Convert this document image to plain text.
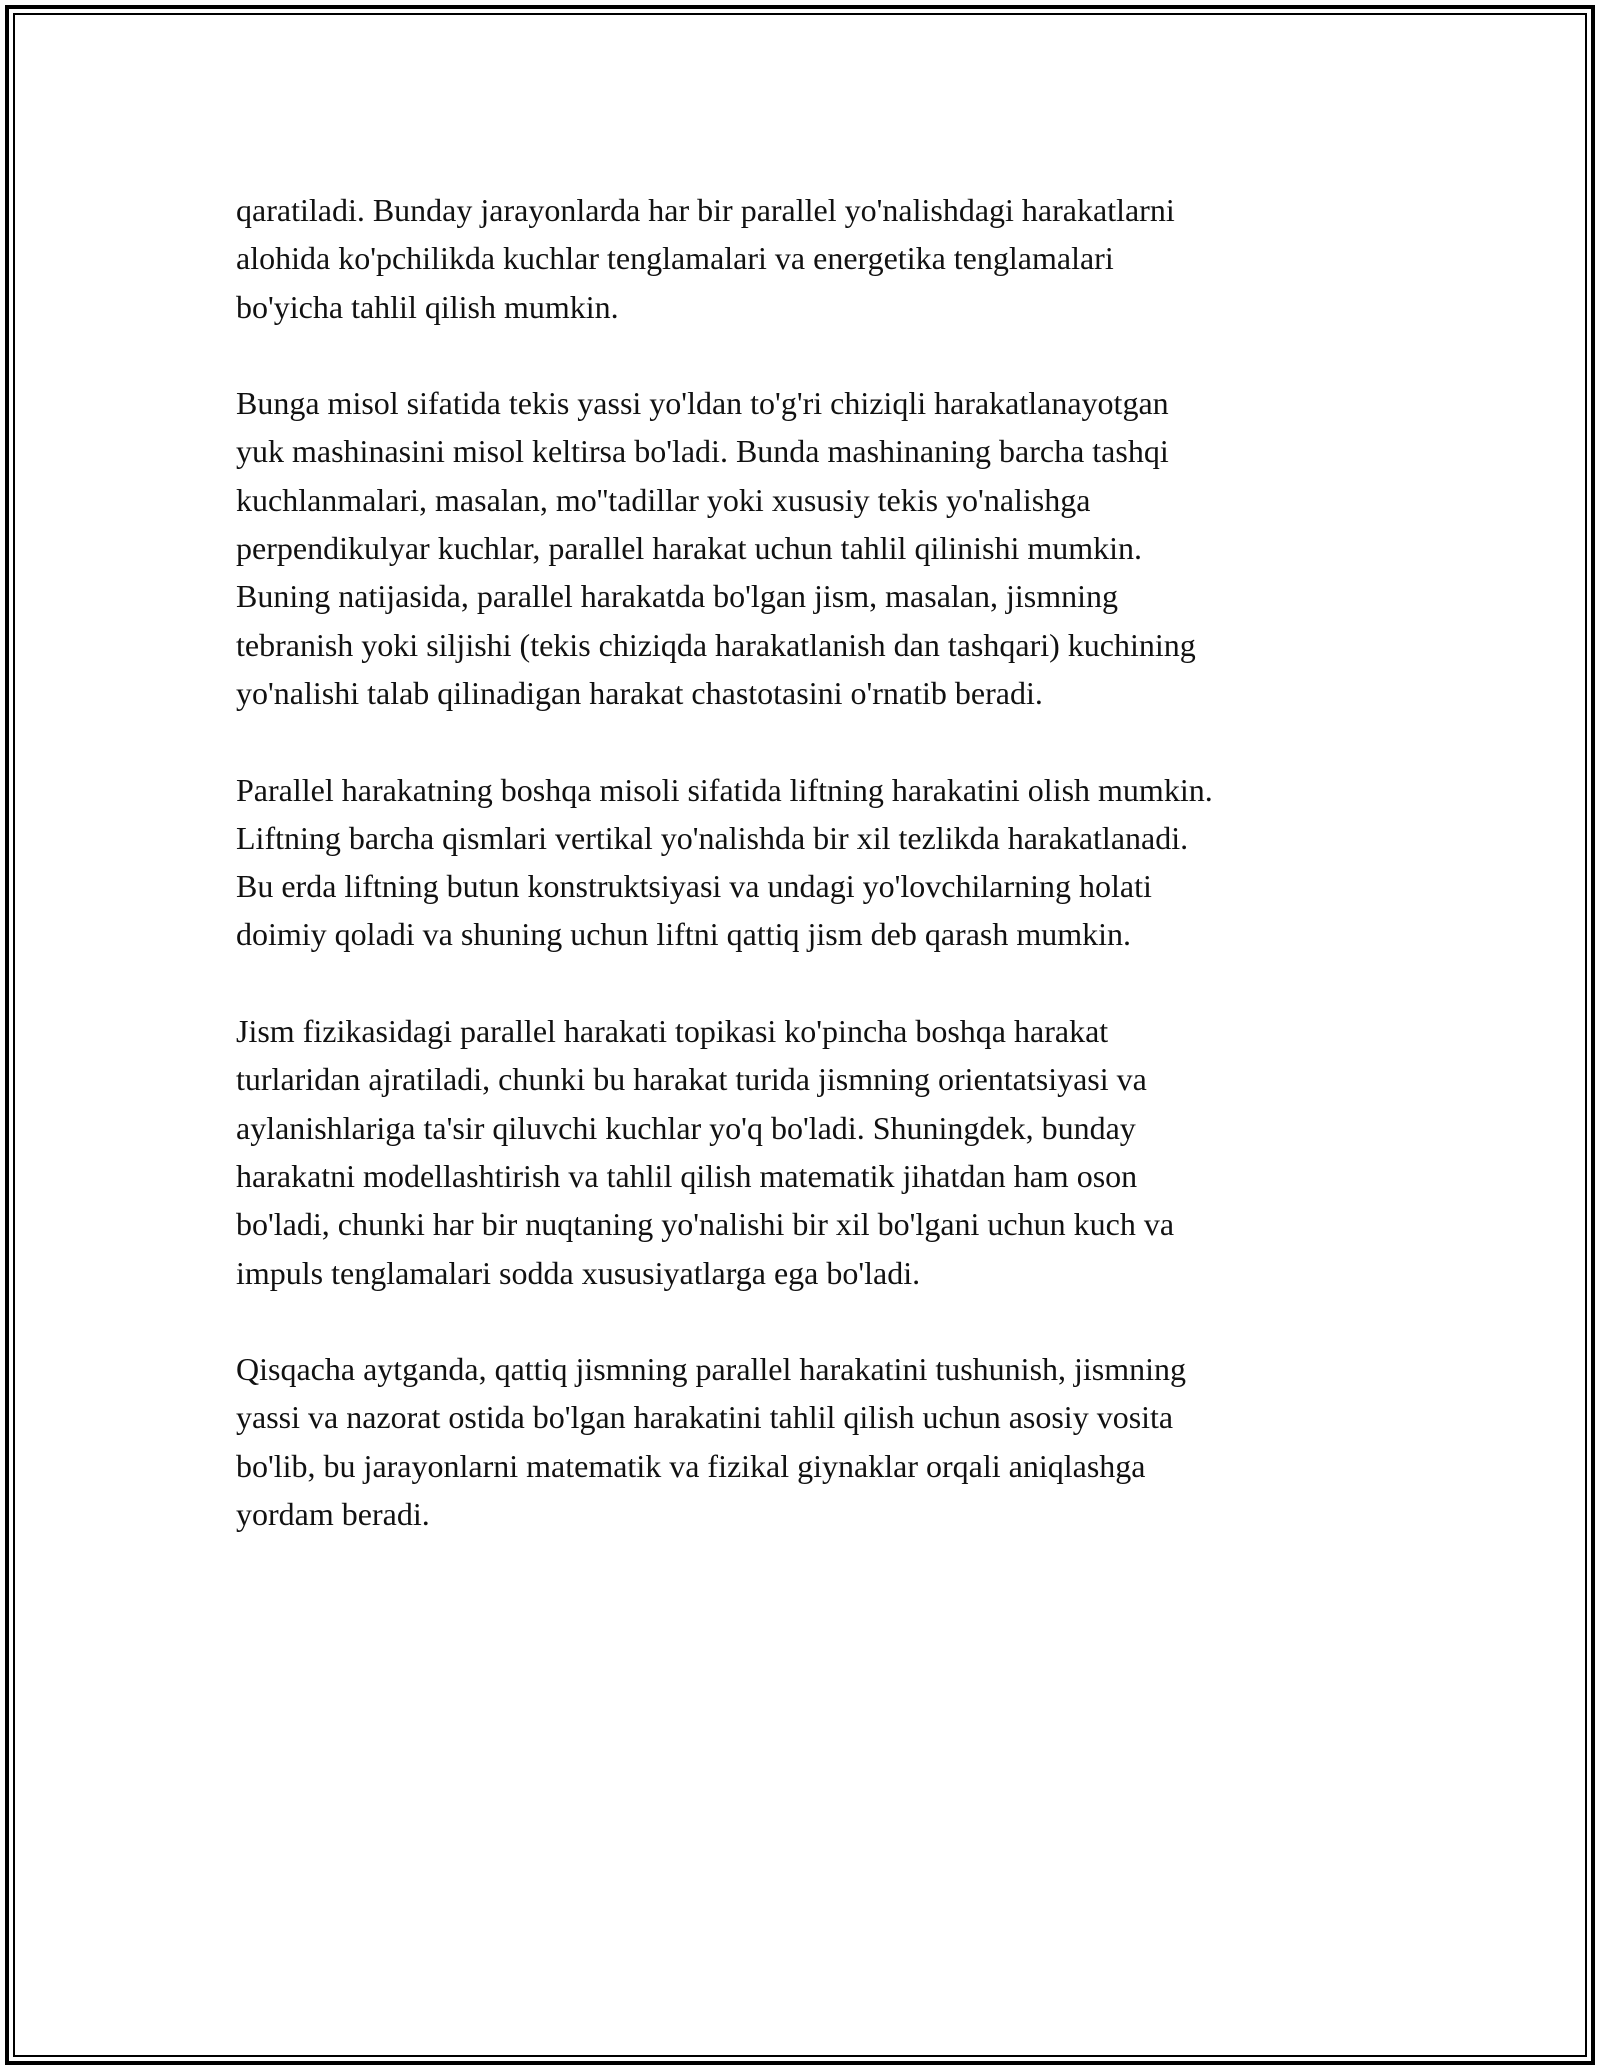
qaratiladi. Bunday jarayonlarda har bir parallel yo'nalishdagi harakatlarni
alohida ko'pchilikda kuchlar tenglamalari va energetika tenglamalari
bo'yicha tahlil qilish mumkin.

Bunga misol sifatida tekis yassi yo'ldan to'g'ri chiziqli harakatlanayotgan
yuk mashinasini misol keltirsa bo'ladi. Bunda mashinaning barcha tashqi
kuchlanmalari, masalan, mo''tadillar yoki xususiy tekis yo'nalishga
perpendikulyar kuchlar, parallel harakat uchun tahlil qilinishi mumkin.
Buning natijasida, parallel harakatda bo'lgan jism, masalan, jismning
tebranish yoki siljishi (tekis chiziqda harakatlanish dan tashqari) kuchining
yo'nalishi talab qilinadigan harakat chastotasini o'rnatib beradi.

Parallel harakatning boshqa misoli sifatida liftning harakatini olish mumkin.
Liftning barcha qismlari vertikal yo'nalishda bir xil tezlikda harakatlanadi.
Bu erda liftning butun konstruktsiyasi va undagi yo'lovchilarning holati
doimiy qoladi va shuning uchun liftni qattiq jism deb qarash mumkin.

Jism fizikasidagi parallel harakati topikasi ko'pincha boshqa harakat
turlaridan ajratiladi, chunki bu harakat turida jismning orientatsiyasi va
aylanishlariga ta'sir qiluvchi kuchlar yo'q bo'ladi. Shuningdek, bunday
harakatni modellashtirish va tahlil qilish matematik jihatdan ham oson
bo'ladi, chunki har bir nuqtaning yo'nalishi bir xil bo'lgani uchun kuch va
impuls tenglamalari sodda xususiyatlarga ega bo'ladi.

Qisqacha aytganda, qattiq jismning parallel harakatini tushunish, jismning
yassi va nazorat ostida bo'lgan harakatini tahlil qilish uchun asosiy vosita
bo'lib, bu jarayonlarni matematik va fizikal giynaklar orqali aniqlashga
yordam beradi.
